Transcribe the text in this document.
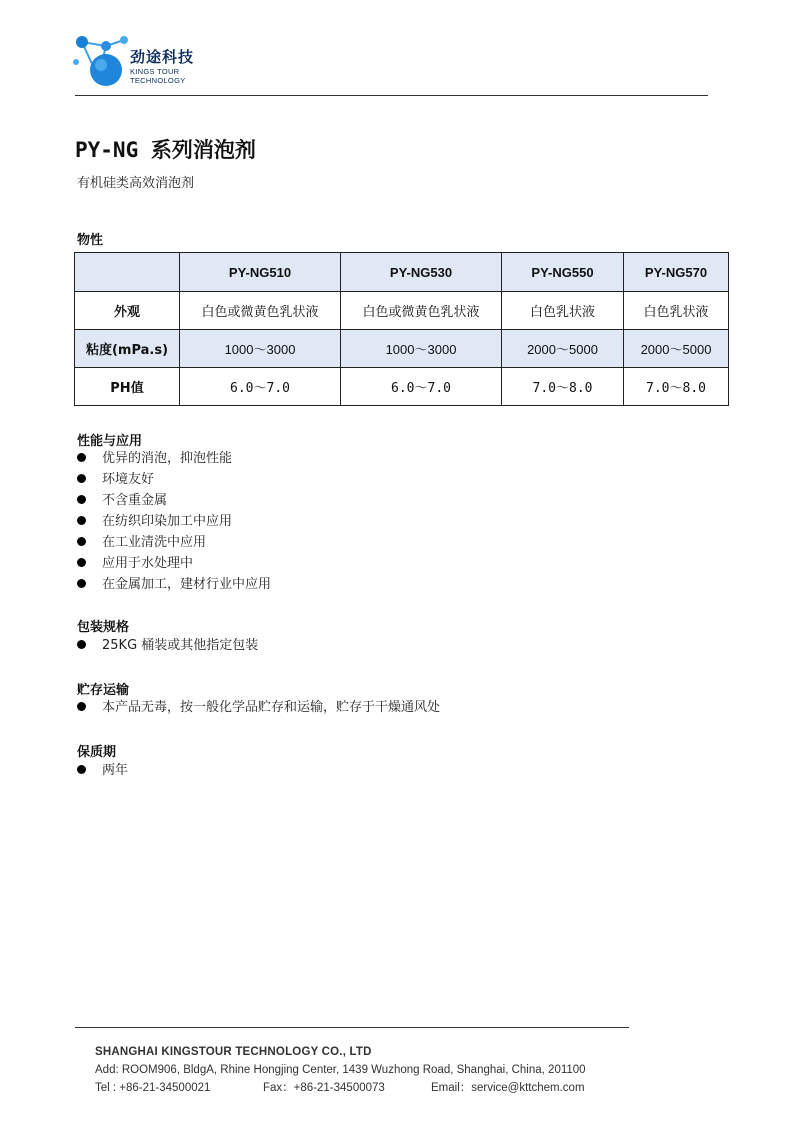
劲途科技
KINGS TOUR
TECHNOLOGY
PY-NG 系列消泡剂
有机硅类高效消泡剂
物性
	PY-NG510	PY-NG530	PY-NG550	PY-NG570
外观	白色或微黄色乳状液	白色或微黄色乳状液	白色乳状液	白色乳状液
粘度(mPa.s)	1000～3000	1000～3000	2000～5000	2000～5000
PH值	6.0～7.0	6.0～7.0	7.0～8.0	7.0～8.0
性能与应用
优异的消泡，抑泡性能
环境友好
不含重金属
在纺织印染加工中应用
在工业清洗中应用
应用于水处理中
在金属加工，建材行业中应用
包装规格
25KG 桶装或其他指定包装
贮存运输
本产品无毒，按一般化学品贮存和运输，贮存于干燥通风处
保质期
两年
SHANGHAI KINGSTOUR TECHNOLOGY CO., LTD
Add: ROOM906, BldgA, Rhine Hongjing Center, 1439 Wuzhong Road, Shanghai, China, 201100
Tel : +86-21-34500021	Fax：+86-21-34500073	Email：service@kttchem.com
